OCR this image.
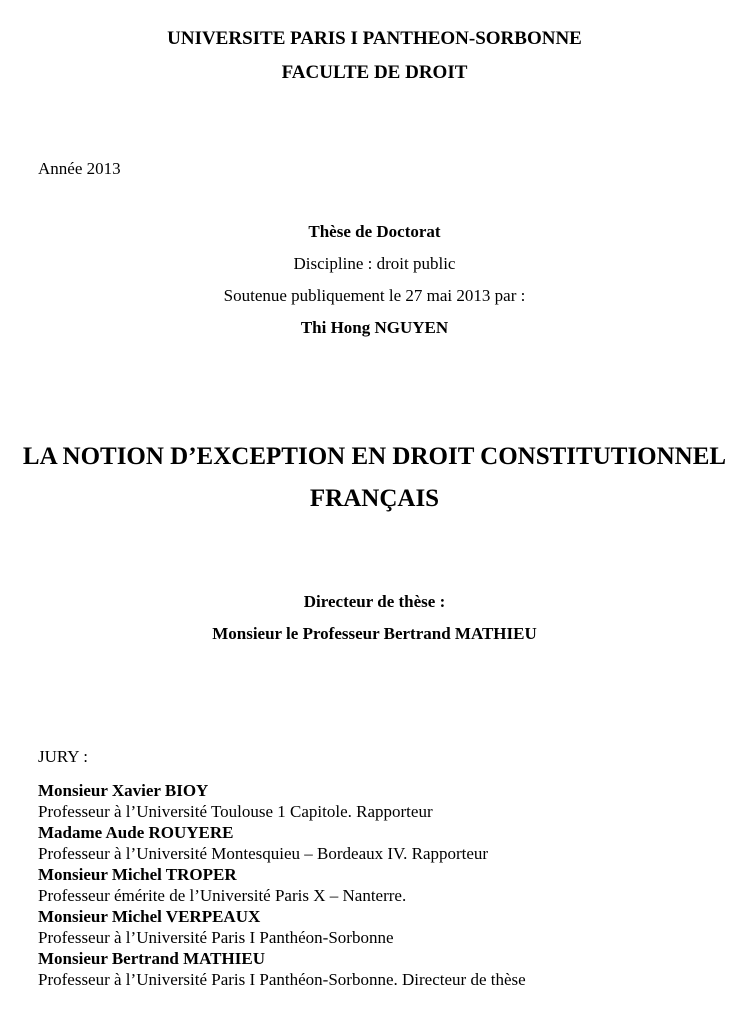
UNIVERSITE PARIS I PANTHEON-SORBONNE
FACULTE DE DROIT
Année 2013
Thèse de Doctorat
Discipline : droit public
Soutenue publiquement le 27 mai 2013 par :
Thi Hong NGUYEN
LA NOTION D’EXCEPTION EN DROIT CONSTITUTIONNEL
FRANÇAIS
Directeur de thèse :
Monsieur le Professeur Bertrand MATHIEU
JURY :
Monsieur Xavier BIOY
Professeur à l’Université Toulouse 1 Capitole. Rapporteur
Madame Aude ROUYERE
Professeur à l’Université Montesquieu – Bordeaux IV. Rapporteur
Monsieur Michel TROPER
Professeur émérite de l’Université Paris X – Nanterre.
Monsieur Michel VERPEAUX
Professeur à l’Université Paris I Panthéon-Sorbonne
Monsieur Bertrand MATHIEU
Professeur à l’Université Paris I Panthéon-Sorbonne. Directeur de thèse
